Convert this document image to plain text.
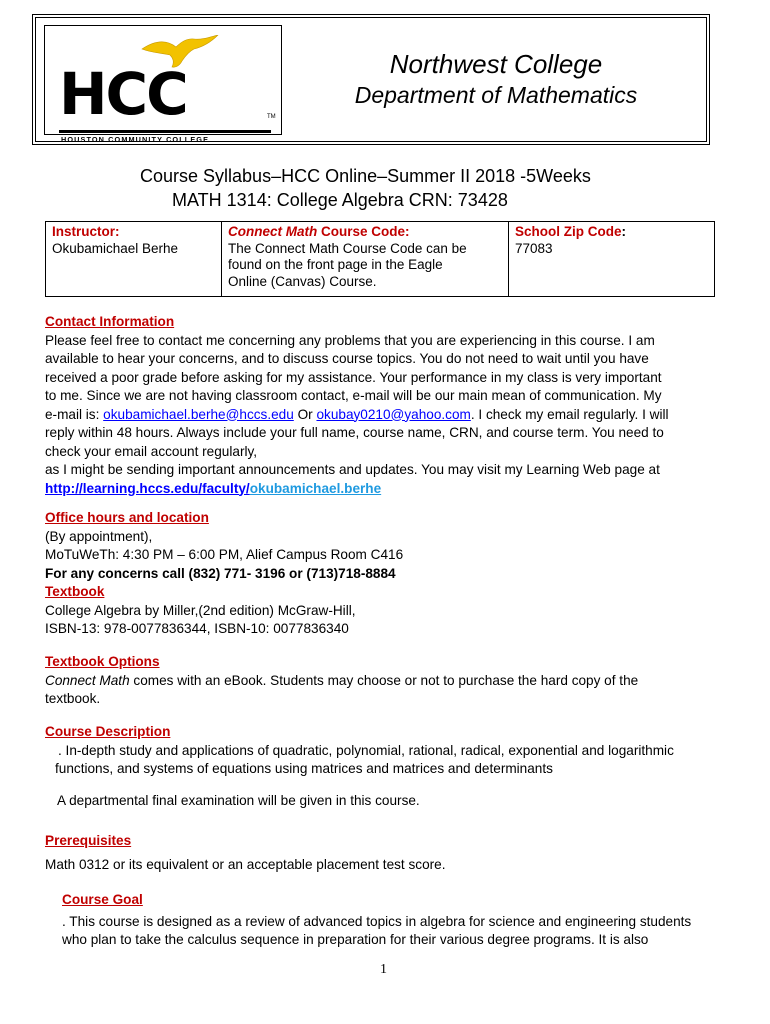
HCC	TM
HOUSTON COMMUNITY COLLEGE
Northwest College
Department of Mathematics
Course Syllabus–HCC Online–Summer II 2018 -5Weeks
MATH 1314: College Algebra CRN: 73428
Instructor:
Okubamichael Berhe

Connect Math Course Code:
The Connect Math Course Code can be
found on the front page in the Eagle
Online (Canvas) Course.

School Zip Code:
77083
Contact Information
Please feel free to contact me concerning any problems that you are experiencing in this course. I am
available to hear your concerns, and to discuss course topics. You do not need to wait until you have
received a poor grade before asking for my assistance. Your performance in my class is very important
to me. Since we are not having classroom contact, e-mail will be our main mean of communication. My
e-mail is: okubamichael.berhe@hccs.edu Or okubay0210@yahoo.com. I check my email regularly. I will
reply within 48 hours. Always include your full name, course name, CRN, and course term. You need to
check your email account regularly,
as I might be sending important announcements and updates. You may visit my Learning Web page at
http://learning.hccs.edu/faculty/okubamichael.berhe
Office hours and location
(By appointment),
MoTuWeTh: 4:30 PM – 6:00 PM, Alief Campus Room C416
For any concerns call (832) 771- 3196 or (713)718-8884
Textbook
College Algebra by Miller,(2nd edition) McGraw-Hill,
ISBN-13: 978-0077836344, ISBN-10: 0077836340
Textbook Options
Connect Math comes with an eBook. Students may choose or not to purchase the hard copy of the
textbook.
Course Description
. In-depth study and applications of quadratic, polynomial, rational, radical, exponential and logarithmic
functions, and systems of equations using matrices and matrices and determinants
A departmental final examination will be given in this course.
Prerequisites
Math 0312 or its equivalent or an acceptable placement test score.
Course Goal
. This course is designed as a review of advanced topics in algebra for science and engineering students
who plan to take the calculus sequence in preparation for their various degree programs. It is also
1
